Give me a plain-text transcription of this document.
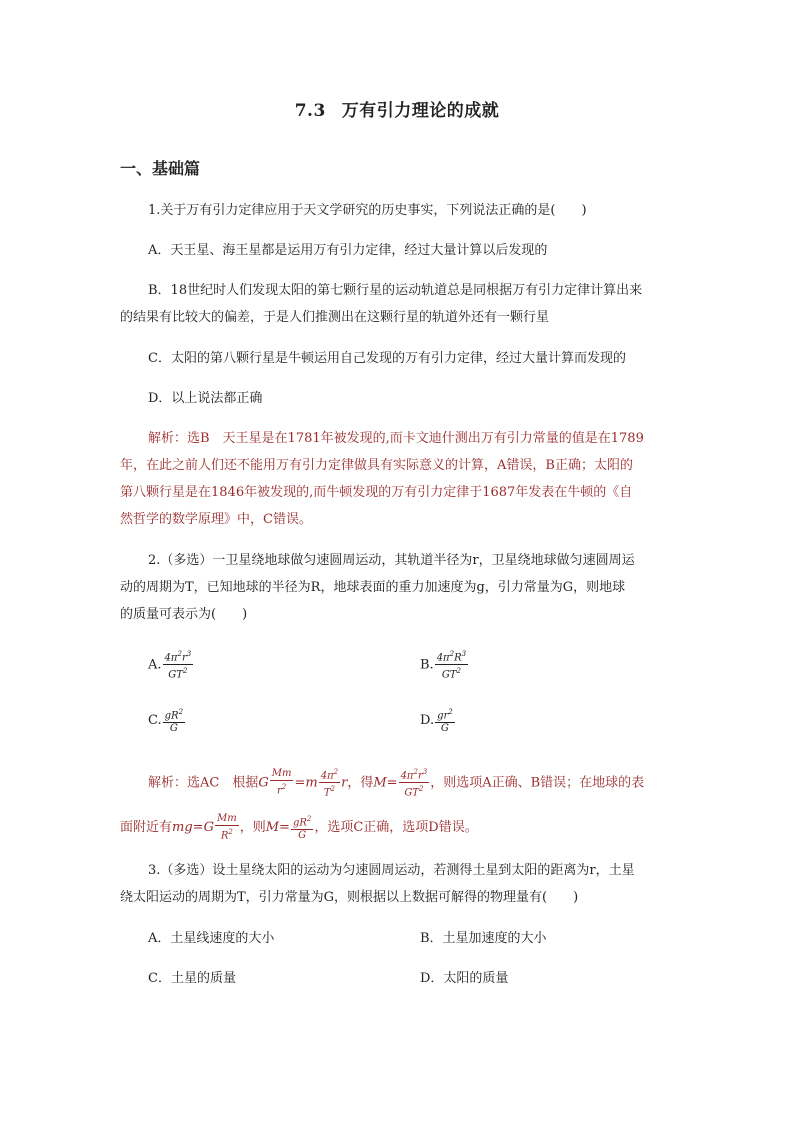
7.3 万有引力理论的成就
一、基础篇
1.关于万有引力定律应用于天文学研究的历史事实，下列说法正确的是(　　)
A．天王星、海王星都是运用万有引力定律，经过大量计算以后发现的
B．18世纪时人们发现太阳的第七颗行星的运动轨道总是同根据万有引力定律计算出来
的结果有比较大的偏差，于是人们推测出在这颗行星的轨道外还有一颗行星
C．太阳的第八颗行星是牛顿运用自己发现的万有引力定律，经过大量计算而发现的
D．以上说法都正确
解析：选B　天王星是在1781年被发现的,而卡文迪什测出万有引力常量的值是在1789
年，在此之前人们还不能用万有引力定律做具有实际意义的计算，A错误，B正确；太阳的
第八颗行星是在1846年被发现的,而牛顿发现的万有引力定律于1687年发表在牛顿的《自
然哲学的数学原理》中，C错误。
2.（多选）一卫星绕地球做匀速圆周运动，其轨道半径为r，卫星绕地球做匀速圆周运
动的周期为T，已知地球的半径为R，地球表面的重力加速度为g，引力常量为G，则地球
的质量可表示为(　　)
A. $\frac{4\pi^2r^3}{GT^2}$	B. $\frac{4\pi^2R^3}{GT^2}$
C. $\frac{gR^2}{G}$	D. $\frac{gr^2}{G}$
解析：选AC　根据G $\frac{Mm}{r^2} =m \frac{4\pi^2}{T^2}$ r，得$M= \frac{4\pi^2r^3}{GT^2}$ ，则选项A正确、B错误；在地球的表
面附近有$mg=G \frac{Mm}{R^2}$ ，则$M= \frac{gR^2}{G}$ ，选项C正确，选项D错误。
3.（多选）设土星绕太阳的运动为匀速圆周运动，若测得土星到太阳的距离为r，土星
绕太阳运动的周期为T，引力常量为G，则根据以上数据可解得的物理量有(　　)
A．土星线速度的大小	B．土星加速度的大小
C．土星的质量	D．太阳的质量
